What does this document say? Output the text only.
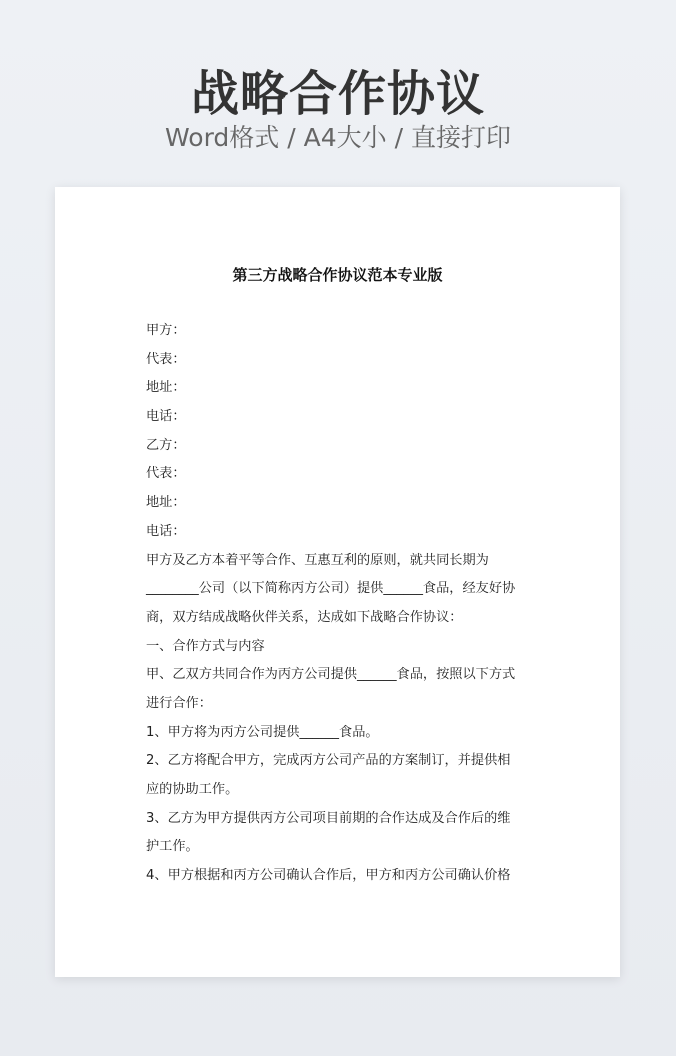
战略合作协议
Word格式 / A4大小 / 直接打印
第三方战略合作协议范本专业版
甲方：
代表：
地址：
电话：
乙方：
代表：
地址：
电话：
甲方及乙方本着平等合作、互惠互利的原则，就共同长期为
________公司（以下简称丙方公司）提供______食品，经友好协
商，双方结成战略伙伴关系，达成如下战略合作协议：
一、合作方式与内容
甲、乙双方共同合作为丙方公司提供______食品，按照以下方式
进行合作：
1、甲方将为丙方公司提供______食品。
2、乙方将配合甲方，完成丙方公司产品的方案制订，并提供相
应的协助工作。
3、乙方为甲方提供丙方公司项目前期的合作达成及合作后的维
护工作。
4、甲方根据和丙方公司确认合作后，甲方和丙方公司确认价格
